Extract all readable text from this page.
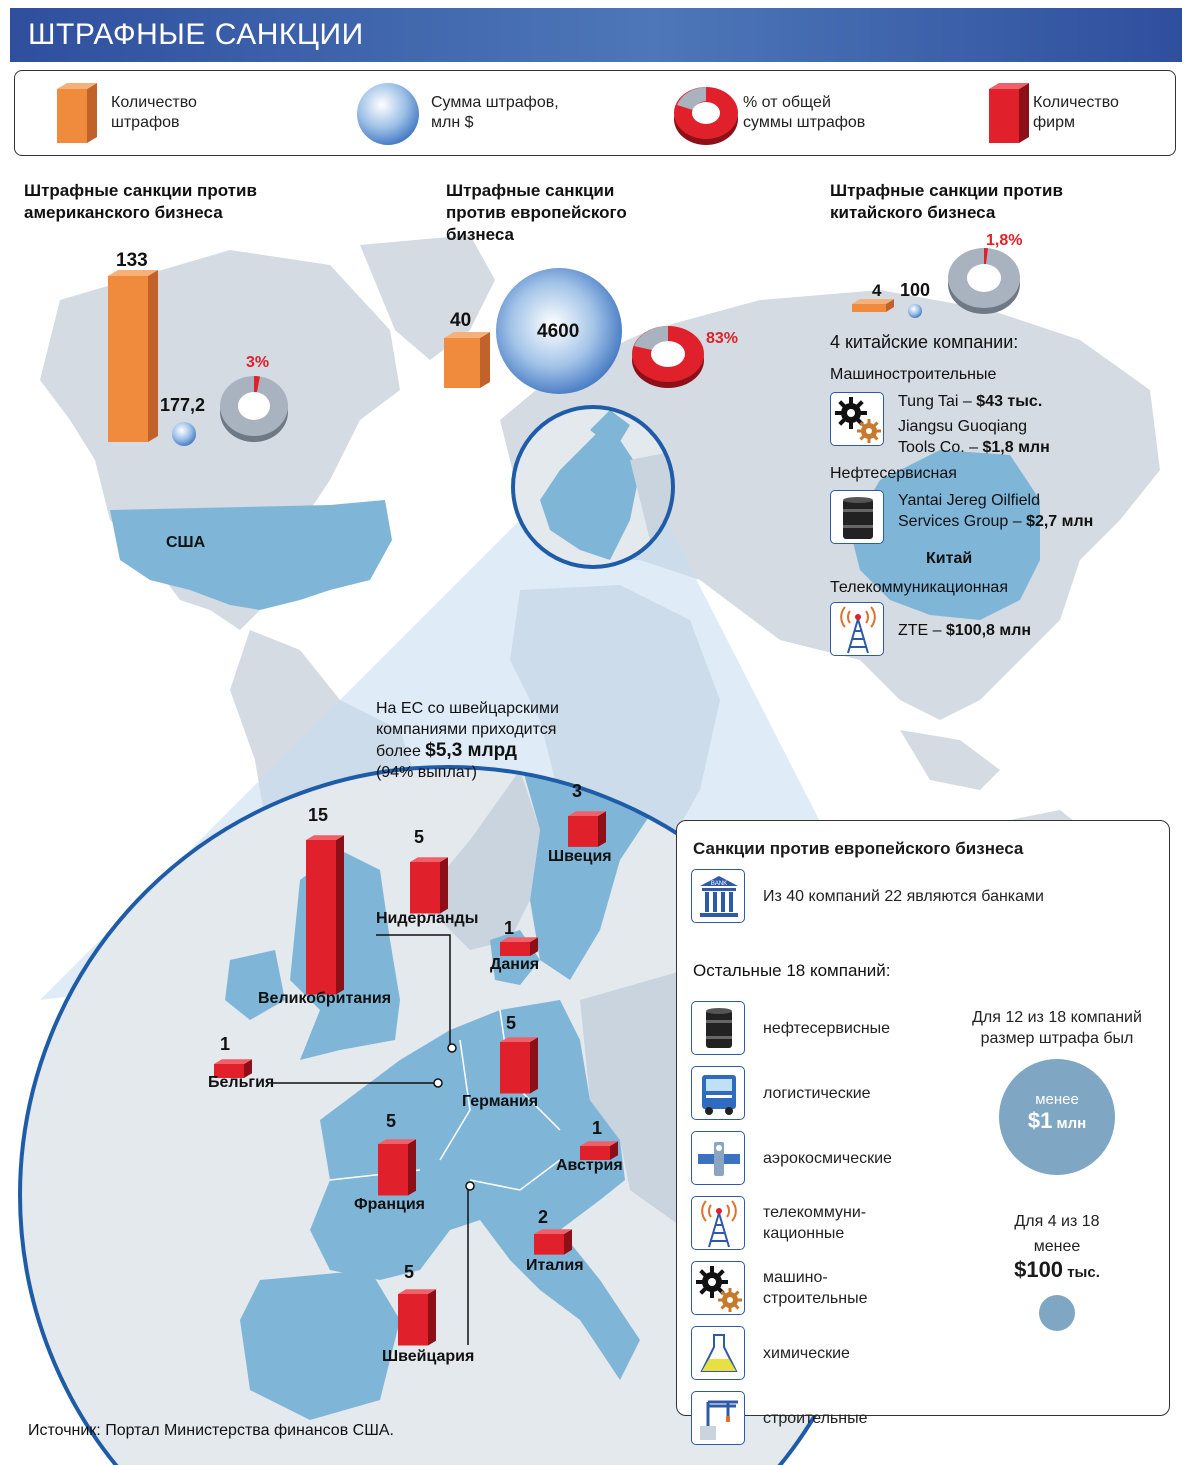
ШТРАФНЫЕ САНКЦИИ
Количество
штрафов
Сумма штрафов,
млн $
% от общей
суммы штрафов
Количество
фирм
Штрафные санкции против
американского бизнеса
Штрафные санкции
против европейского
бизнеса
Штрафные санкции против
китайского бизнеса
133
177,2
3%
США
40
4600	83%
4 100
1,8%
4 китайские компании:
Машиностроительные
Tung Tai – $43 тыс.
Jiangsu Guoqiang
Tools Co. – $1,8 млн
Нефтесервисная
Yantai Jereg Oilfield
Services Group – $2,7 млн
Китай
Телекоммуникационная
ZTE – $100,8 млн
На ЕС со швейцарскими
компаниями приходится
более $5,3 млрд
(94% выплат)
15
Великобритания
5
Нидерланды
3
Швеция
1
Дания
1
Бельгия
5
Германия
5
Франция
1
Австрия
2
Италия
5
Швейцария
Санкции против европейского бизнеса
BANK
Из 40 компаний 22 являются банками
Остальные 18 компаний:
нефтесервисные
логистические
аэрокосмические
телекоммуни-
кационные
машино-
строительные
химические
строительные
Для 12 из 18 компаний
размер штрафа был
менее
$1 млн
Для 4 из 18
менее
$100 тыс.
Источник: Портал Министерства финансов США.
